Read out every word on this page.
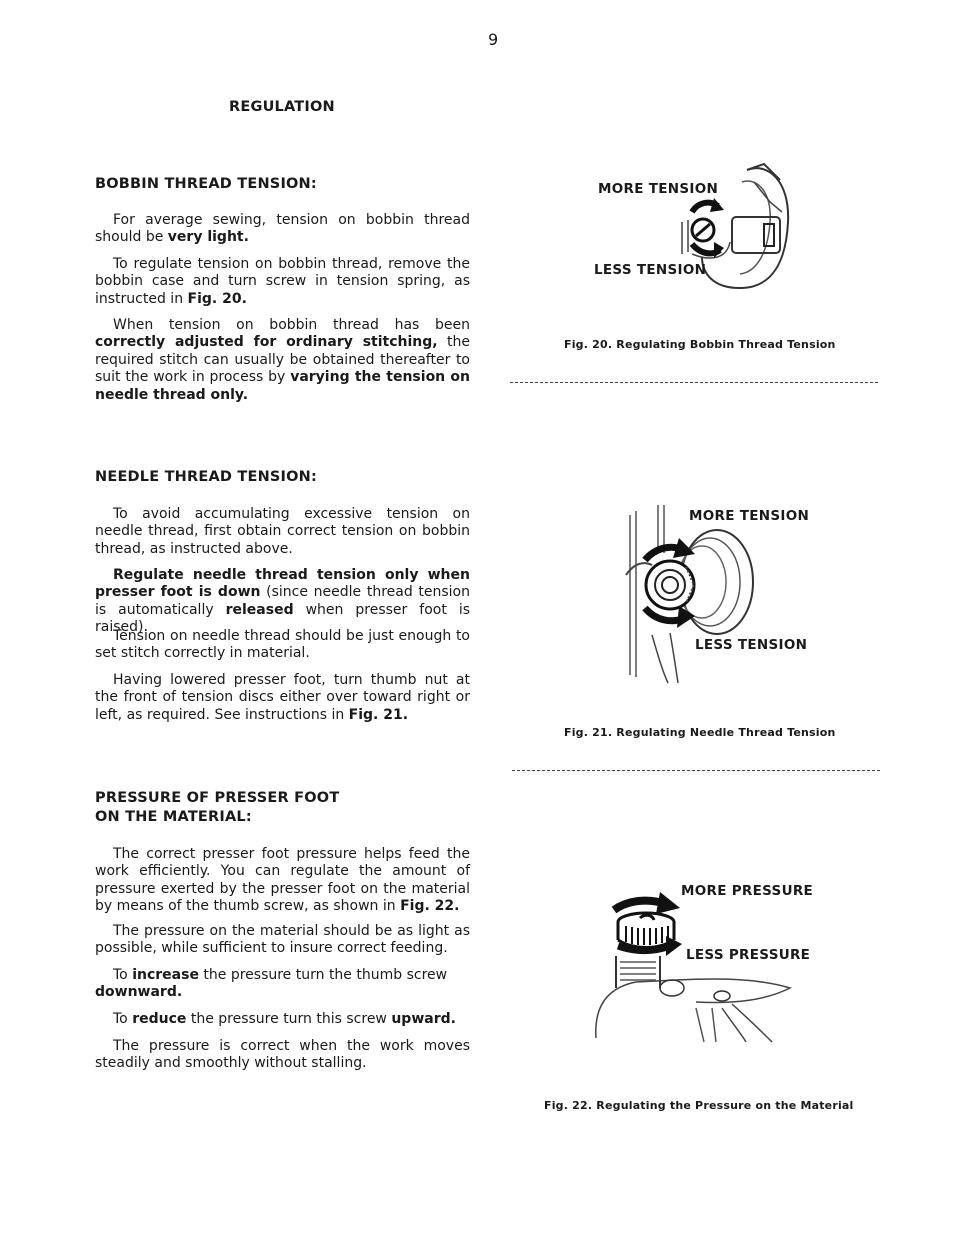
9
REGULATION
BOBBIN THREAD TENSION:
For average sewing, tension on bobbin thread should be very light.
To regulate tension on bobbin thread, remove the bobbin case and turn screw in tension spring, as instructed in Fig. 20.
When tension on bobbin thread has been correctly adjusted for ordinary stitching, the required stitch can usually be obtained thereafter to suit the work in process by varying the tension on needle thread only.
MORE TENSION
LESS TENSION
Fig. 20. Regulating Bobbin Thread Tension
NEEDLE THREAD TENSION:
To avoid accumulating excessive tension on needle thread, first obtain correct tension on bobbin thread, as instructed above.
Regulate needle thread tension only when presser foot is down (since needle thread tension is automatically released when presser foot is raised).
Tension on needle thread should be just enough to set stitch correctly in material.
Having lowered presser foot, turn thumb nut at the front of tension discs either over toward right or left, as required. See instructions in Fig. 21.
MORE TENSION
LESS TENSION
Fig. 21. Regulating Needle Thread Tension
PRESSURE OF PRESSER FOOT
ON THE MATERIAL:
The correct presser foot pressure helps feed the work efficiently. You can regulate the amount of pressure exerted by the presser foot on the material by means of the thumb screw, as shown in Fig. 22.
The pressure on the material should be as light as possible, while sufficient to insure correct feeding.
To increase the pressure turn the thumb screw downward.
To reduce the pressure turn this screw upward.
The pressure is correct when the work moves steadily and smoothly without stalling.
MORE PRESSURE
LESS PRESSURE
Fig. 22. Regulating the Pressure on the Material
